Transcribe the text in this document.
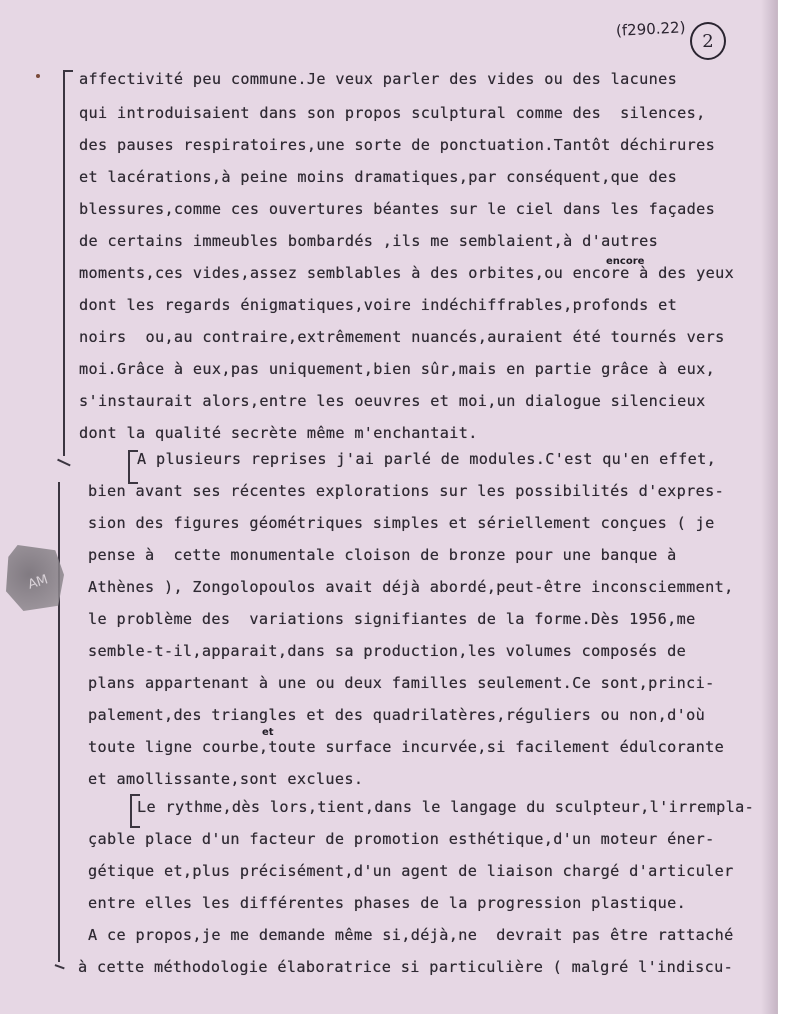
(f290.22)
2
AM
affectivité peu commune.Je veux parler des vides ou des lacunes
qui introduisaient dans son propos sculptural comme des  silences,
des pauses respiratoires,une sorte de ponctuation.Tantôt déchirures
et lacérations,à peine moins dramatiques,par conséquent,que des
blessures,comme ces ouvertures béantes sur le ciel dans les façades
de certains immeubles bombardés ,ils me semblaient,à d'autres
moments,ces vides,assez semblables à des orbites,ou encore à des yeux
dont les regards énigmatiques,voire indéchiffrables,profonds et
noirs  ou,au contraire,extrêmement nuancés,auraient été tournés vers
moi.Grâce à eux,pas uniquement,bien sûr,mais en partie grâce à eux,
s'instaurait alors,entre les oeuvres et moi,un dialogue silencieux
dont la qualité secrète même m'enchantait.
A plusieurs reprises j'ai parlé de modules.C'est qu'en effet,
bien avant ses récentes explorations sur les possibilités d'expres-
sion des figures géométriques simples et sériellement conçues ( je
pense à  cette monumentale cloison de bronze pour une banque à
Athènes ), Zongolopoulos avait déjà abordé,peut-être inconsciemment,
le problème des  variations signifiantes de la forme.Dès 1956,me
semble-t-il,apparait,dans sa production,les volumes composés de
plans appartenant à une ou deux familles seulement.Ce sont,princi-
palement,des triangles et des quadrilatères,réguliers ou non,d'où
toute ligne courbe,toute surface incurvée,si facilement édulcorante
et amollissante,sont exclues.
Le rythme,dès lors,tient,dans le langage du sculpteur,l'irrempla-
çable place d'un facteur de promotion esthétique,d'un moteur éner-
gétique et,plus précisément,d'un agent de liaison chargé d'articuler
entre elles les différentes phases de la progression plastique.
A ce propos,je me demande même si,déjà,ne  devrait pas être rattaché
à cette méthodologie élaboratrice si particulière ( malgré l'indiscu-
encore
et
